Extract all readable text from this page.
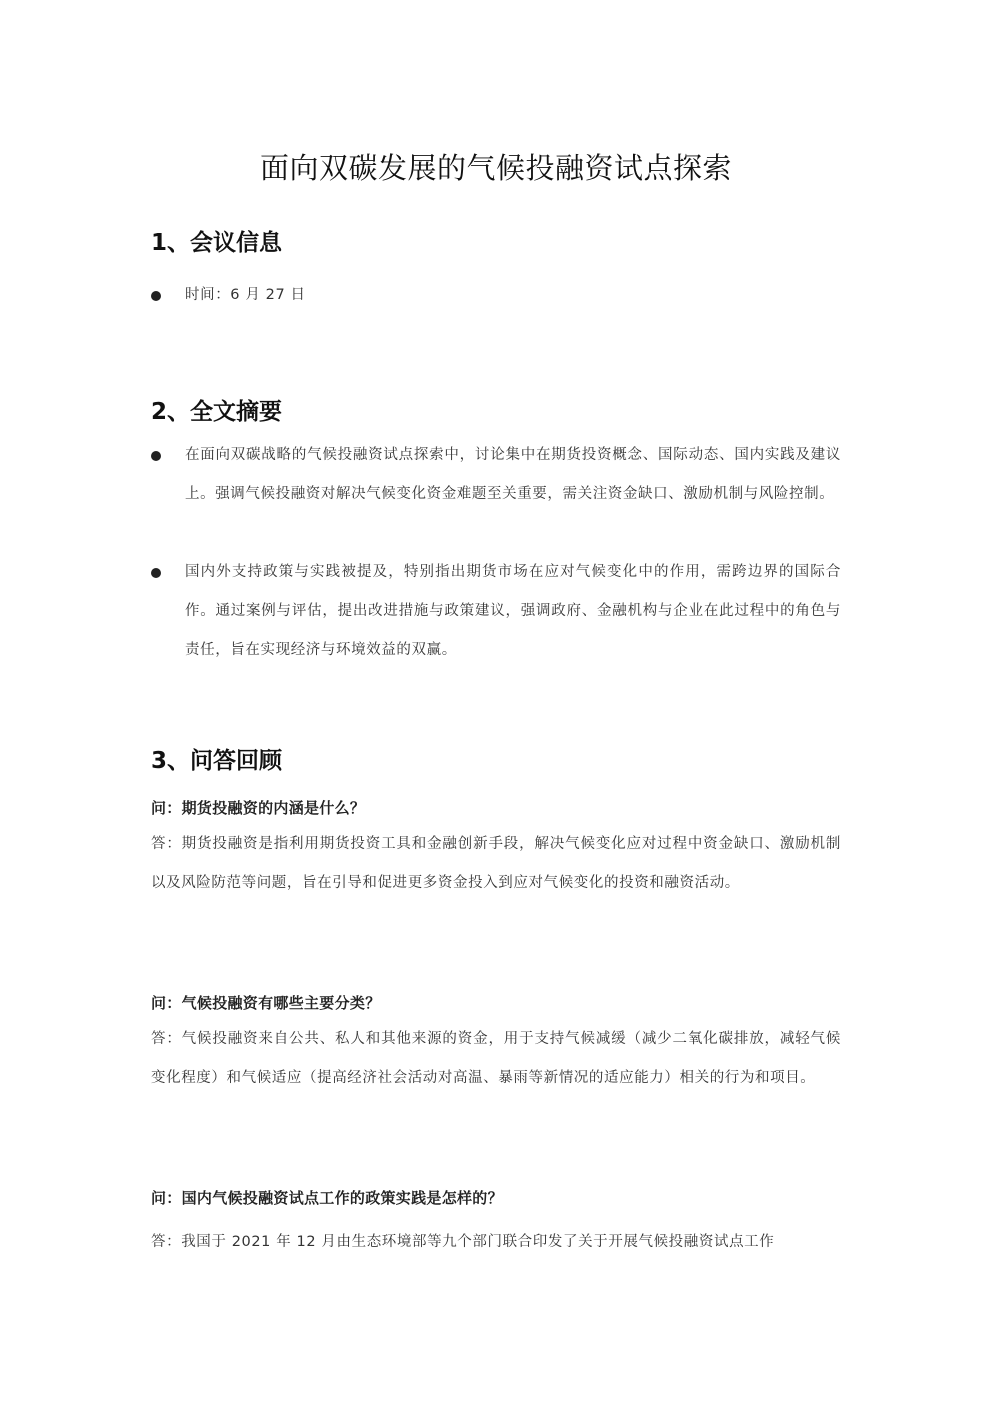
面向双碳发展的气候投融资试点探索
1、会议信息
时间：6 月 27 日
2、全文摘要
在面向双碳战略的气候投融资试点探索中，讨论集中在期货投资概念、国际动态、国内实践及建议上。强调气候投融资对解决气候变化资金难题至关重要，需关注资金缺口、激励机制与风险控制。
国内外支持政策与实践被提及，特别指出期货市场在应对气候变化中的作用，需跨边界的国际合作。通过案例与评估，提出改进措施与政策建议，强调政府、金融机构与企业在此过程中的角色与责任，旨在实现经济与环境效益的双赢。
3、问答回顾
问：期货投融资的内涵是什么？
答：期货投融资是指利用期货投资工具和金融创新手段，解决气候变化应对过程中资金缺口、激励机制以及风险防范等问题，旨在引导和促进更多资金投入到应对气候变化的投资和融资活动。
问：气候投融资有哪些主要分类？
答：气候投融资来自公共、私人和其他来源的资金，用于支持气候减缓（减少二氧化碳排放，减轻气候变化程度）和气候适应（提高经济社会活动对高温、暴雨等新情况的适应能力）相关的行为和项目。
问：国内气候投融资试点工作的政策实践是怎样的？
答：我国于 2021 年 12 月由生态环境部等九个部门联合印发了关于开展气候投融资试点工作
